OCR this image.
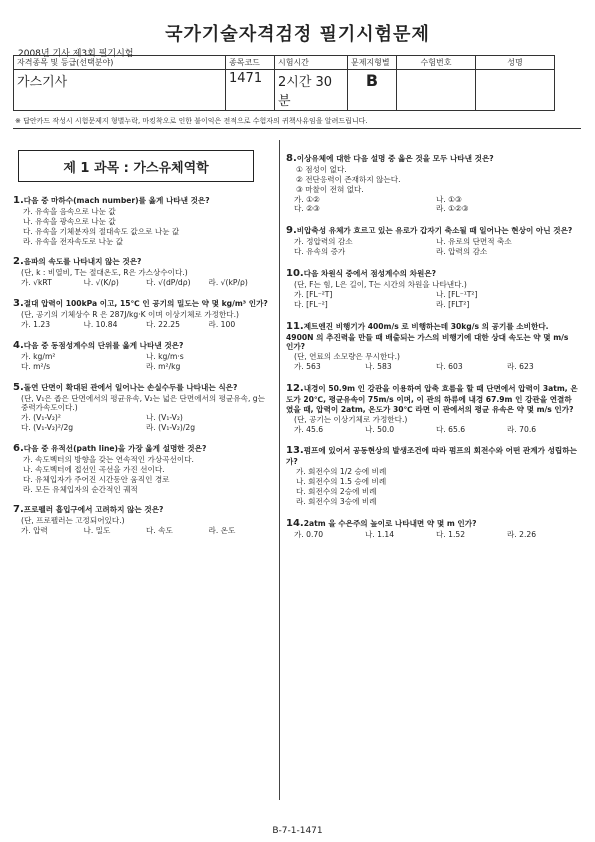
국가기술자격검정 필기시험문제
2008년 기사 제3회 필기시험
자격종목 및 등급(선택분야)	종목코드	시험시간	문제지형별	수험번호	성명
가스기사	1471	2시간 30분	B		
※ 답안카드 작성시 시험문제지 형별누락, 마킹착오로 인한 불이익은 전적으로 수험자의 귀책사유임을 알려드립니다.
제 1 과목 : 가스유체역학
1.다음 중 마하수(mach number)를 옳게 나타낸 것은?
가. 유속을 음속으로 나눈 값
나. 유속을 광속으로 나눈 값
다. 유속을 기체분자의 절대속도 값으로 나눈 값
라. 유속을 전자속도로 나눈 값
2.음파의 속도를 나타내지 않는 것은?
(단, k : 비열비, T는 절대온도, R은 가스상수이다.)
가. √kRT	나. √(K/ρ)	다. √(dP/dρ)	라. √(kP/ρ)
3.절대 압력이 100kPa 이고, 15℃ 인 공기의 밀도는 약 몇 kg/m³ 인가?
(단, 공기의 기체상수 R 은 287J/kg·K 이며 이상기체로 가정한다.)
가. 1.23	나. 10.84	다. 22.25	라. 100
4.다음 중 동점성계수의 단위를 옳게 나타낸 것은?
가. kg/m²	나. kg/m·s
다. m²/s	라. m²/kg
5.돌연 단면이 확대된 관에서 일어나는 손실수두를 나타내는 식은?
(단, V₁은 좁은 단면에서의 평균유속, V₂는 넓은 단면에서의 평균유속, g는 중력가속도이다.)
가. (V₁-V₂)²	나. (V₁-V₂)
다. (V₁-V₂)²/2g	라. (V₁-V₂)/2g
6.다음 중 유적선(path line)을 가장 옳게 설명한 것은?
가. 속도벡터의 방향을 갖는 연속적인 가상곡선이다.
나. 속도벡터에 접선인 곡선을 가진 선이다.
다. 유체입자가 주어진 시간동안 움직인 경로
라. 모든 유체입자의 순간적인 궤적
7.프로펠러 흡입구에서 고려하지 않는 것은?
(단, 프로펠러는 고정되어있다.)
가. 압력	나. 밀도	다. 속도	라. 온도
8.이상유체에 대한 다음 설명 중 옳은 것을 모두 나타낸 것은?
① 점성이 없다.
② 전단응력이 존재하지 않는다.
③ 마찰이 전혀 없다.
가. ①②	나. ①③
다. ②③	라. ①②③
9.비압축성 유체가 흐르고 있는 유로가 갑자기 축소될 때 일어나는 현상이 아닌 것은?
가. 정압력의 감소	나. 유로의 단면적 축소
다. 유속의 증가	라. 압력의 감소
10.다음 차원식 중에서 점성계수의 차원은?
(단, F는 힘, L은 길이, T는 시간의 차원을 나타낸다.)
가. [FL⁻²T]	나. [FL⁻¹T²]
다. [FL⁻²]	라. [FLT²]
11.제트엔진 비행기가 400m/s 로 비행하는데 30kg/s 의 공기를 소비한다. 4900N 의 추진력을 만들 때 배출되는 가스의 비행기에 대한 상대 속도는 약 몇 m/s 인가?
(단, 연료의 소모량은 무시한다.)
가. 563	나. 583	다. 603	라. 623
12.내경이 50.9m 인 강관을 이용하여 압축 흐름을 할 때 단면에서 압력이 3atm, 온도가 20℃, 평균유속이 75m/s 이며, 이 관의 하류에 내경 67.9m 인 강관을 연결하였을 때, 압력이 2atm, 온도가 30℃ 라면 이 관에서의 평균 유속은 약 몇 m/s 인가?
(단, 공기는 이상기체로 가정한다.)
가. 45.6	나. 50.0	다. 65.6	라. 70.6
13.펌프에 있어서 공동현상의 발생조건에 따라 펌프의 회전수와 어떤 관계가 성립하는가?
가. 회전수의 1/2 승에 비례
나. 회전수의 1.5 승에 비례
다. 회전수의 2승에 비례
라. 회전수의 3승에 비례
14.2atm 을 수은주의 높이로 나타내면 약 몇 m 인가?
가. 0.70	나. 1.14	다. 1.52	라. 2.26
B-7-1-1471
